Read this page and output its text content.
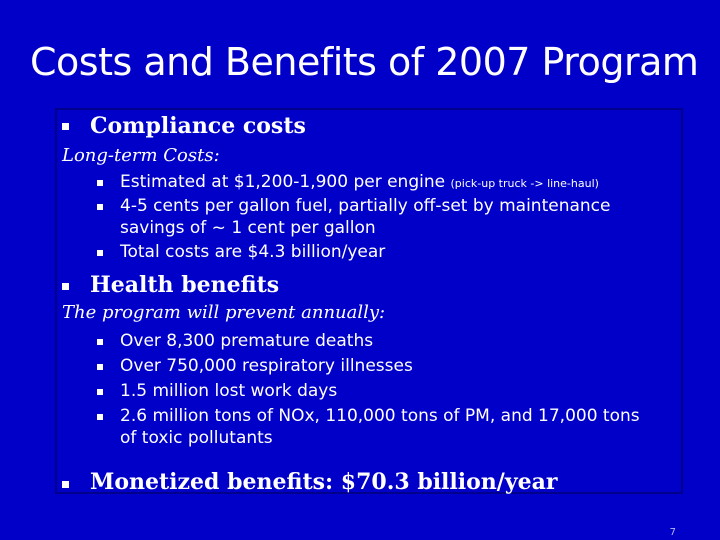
Costs and Benefits of 2007 Program
Compliance costs
Long-term Costs:
Estimated at $1,200-1,900 per engine (pick-up truck -> line-haul)
4-5 cents per gallon fuel, partially off-set by maintenance
savings of ~ 1 cent per gallon
Total costs are $4.3 billion/year
Health benefits
The program will prevent annually:
Over 8,300 premature deaths
Over 750,000 respiratory illnesses
1.5 million lost work days
2.6 million tons of NOx, 110,000 tons of PM, and 17,000 tons
of toxic pollutants
Monetized benefits: $70.3 billion/year
7
